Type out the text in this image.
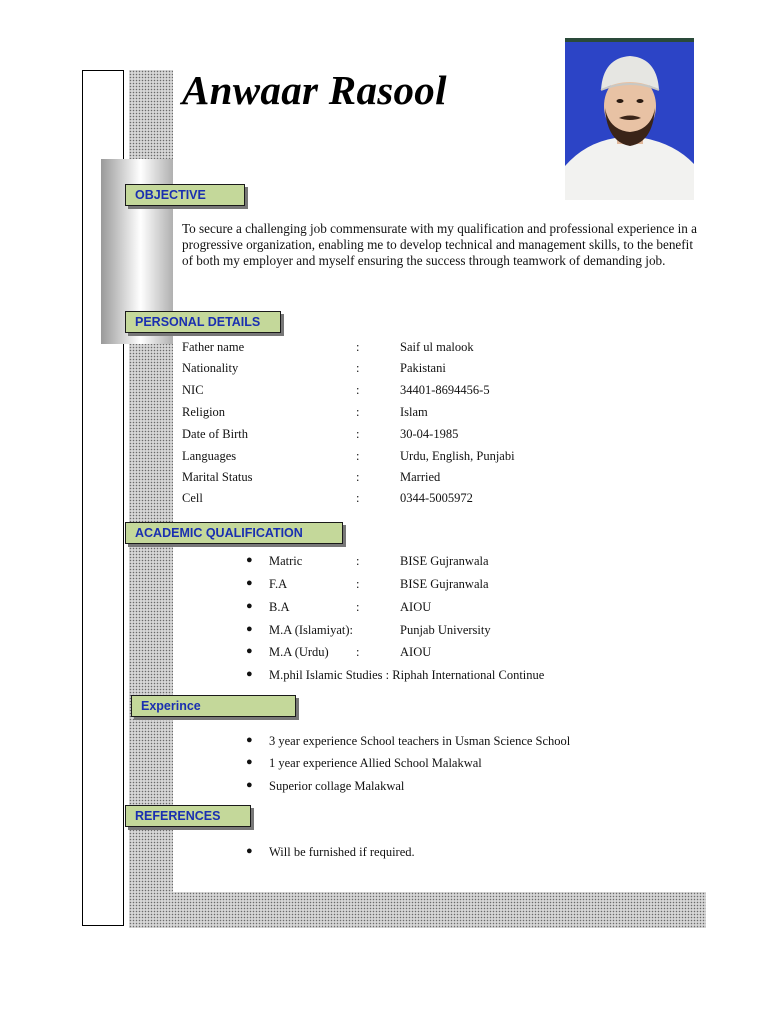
Anwaar Rasool
OBJECTIVE
To secure a challenging job commensurate with my qualification and professional experience in a progressive organization, enabling me to develop technical and management skills, to the benefit of both my employer and myself ensuring the success through teamwork of demanding job.
PERSONAL DETAILS
Father name	:	Saif ul malook
Nationality	:	Pakistani
NIC	:	34401-8694456-5
Religion	:	Islam
Date of Birth	:	30-04-1985
Languages	:	Urdu, English, Punjabi
Marital Status	:	Married
Cell	:	0344-5005972
ACADEMIC QUALIFICATION
● Matric	:	BISE Gujranwala
● F.A	:	BISE Gujranwala
● B.A	:	AIOU
● M.A (Islamiyat):	Punjab University
● M.A (Urdu) :	AIOU
● M.phil Islamic Studies : Riphah International Continue
Experince
● 3 year experience School teachers in Usman Science School
● 1 year experience Allied School Malakwal
● Superior collage Malakwal
REFERENCES
● Will be furnished if required.
